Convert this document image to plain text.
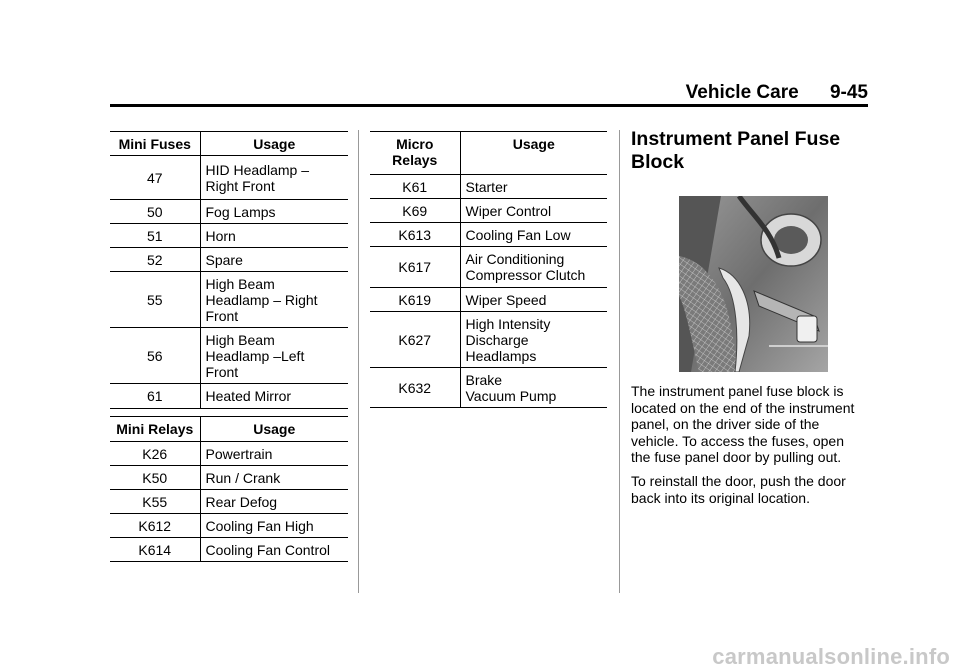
Vehicle Care 9-45
Mini Fuses	Usage
47	HID Headlamp –
Right Front
50	Fog Lamps
51	Horn
52	Spare
55	High Beam
Headlamp – Right
Front
56	High Beam
Headlamp –Left
Front
61	Heated Mirror
Mini Relays	Usage
K26	Powertrain
K50	Run / Crank
K55	Rear Defog
K612	Cooling Fan High
K614	Cooling Fan Control
Micro
Relays	Usage
K61	Starter
K69	Wiper Control
K613	Cooling Fan Low
K617	Air Conditioning
Compressor Clutch
K619	Wiper Speed
K627	High Intensity
Discharge
Headlamps
K632	Brake
Vacuum Pump
Instrument Panel Fuse
Block

The instrument panel fuse block is
located on the end of the instrument
panel, on the driver side of the
vehicle. To access the fuses, open
the fuse panel door by pulling out.

To reinstall the door, push the door
back into its original location.

carmanualsonline.info
